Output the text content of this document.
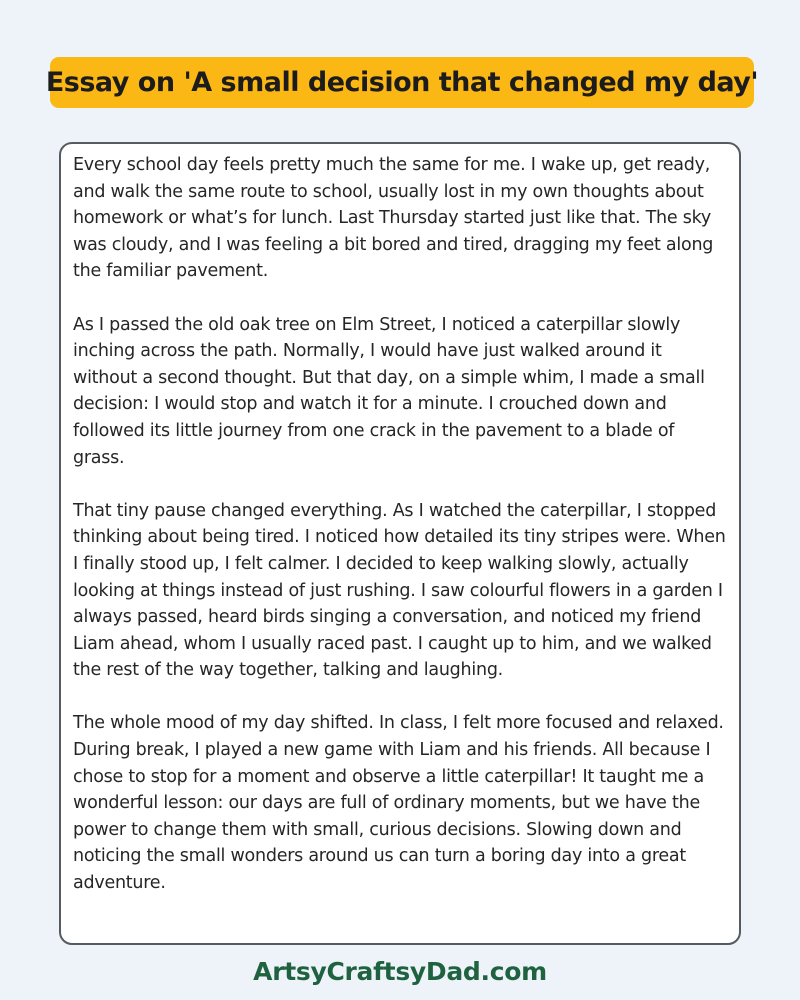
Essay on 'A small decision that changed my day'

Every school day feels pretty much the same for me. I wake up, get ready, and walk the same route to school, usually lost in my own thoughts about homework or what’s for lunch. Last Thursday started just like that. The sky was cloudy, and I was feeling a bit bored and tired, dragging my feet along the familiar pavement.

As I passed the old oak tree on Elm Street, I noticed a caterpillar slowly inching across the path. Normally, I would have just walked around it without a second thought. But that day, on a simple whim, I made a small decision: I would stop and watch it for a minute. I crouched down and followed its little journey from one crack in the pavement to a blade of grass.

That tiny pause changed everything. As I watched the caterpillar, I stopped thinking about being tired. I noticed how detailed its tiny stripes were. When I finally stood up, I felt calmer. I decided to keep walking slowly, actually looking at things instead of just rushing. I saw colourful flowers in a garden I always passed, heard birds singing a conversation, and noticed my friend Liam ahead, whom I usually raced past. I caught up to him, and we walked the rest of the way together, talking and laughing.

The whole mood of my day shifted. In class, I felt more focused and relaxed. During break, I played a new game with Liam and his friends. All because I chose to stop for a moment and observe a little caterpillar! It taught me a wonderful lesson: our days are full of ordinary moments, but we have the power to change them with small, curious decisions. Slowing down and noticing the small wonders around us can turn a boring day into a great adventure.

ArtsyCraftsyDad.com
